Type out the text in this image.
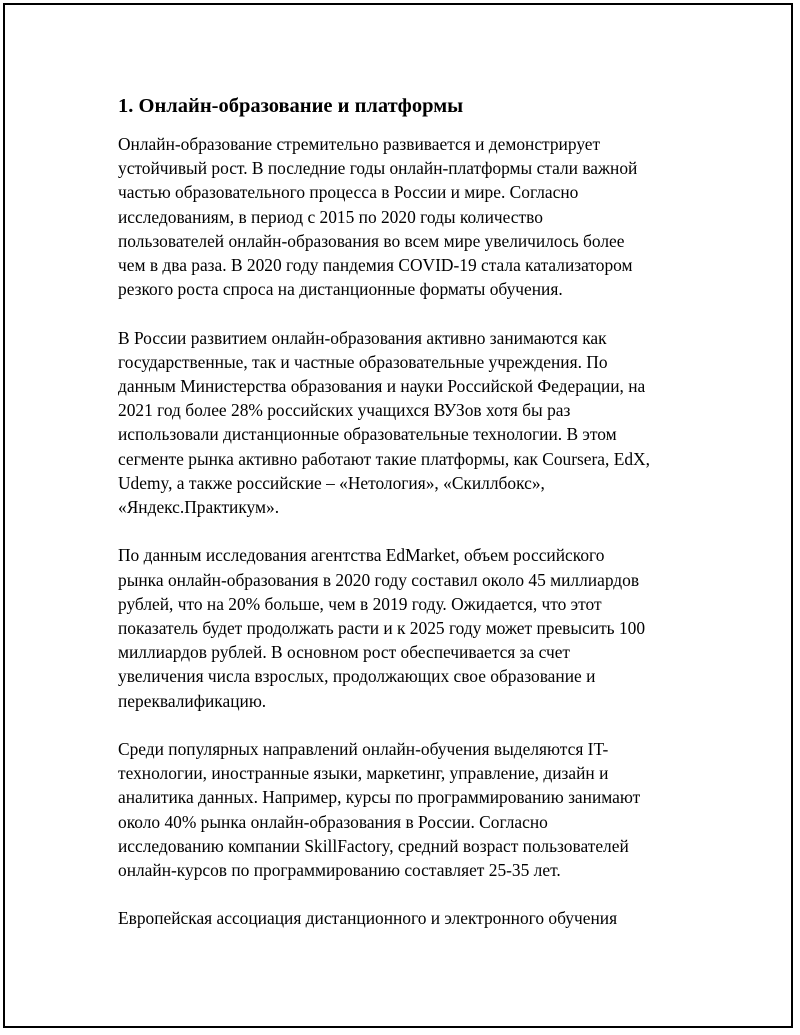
1. Онлайн-образование и платформы
Онлайн-образование стремительно развивается и демонстрирует
устойчивый рост. В последние годы онлайн-платформы стали важной
частью образовательного процесса в России и мире. Согласно
исследованиям, в период с 2015 по 2020 годы количество
пользователей онлайн-образования во всем мире увеличилось более
чем в два раза. В 2020 году пандемия COVID-19 стала катализатором
резкого роста спроса на дистанционные форматы обучения.
В России развитием онлайн-образования активно занимаются как
государственные, так и частные образовательные учреждения. По
данным Министерства образования и науки Российской Федерации, на
2021 год более 28% российских учащихся ВУЗов хотя бы раз
использовали дистанционные образовательные технологии. В этом
сегменте рынка активно работают такие платформы, как Coursera, EdX,
Udemy, а также российские – «Нетология», «Скиллбокс»,
«Яндекс.Практикум».
По данным исследования агентства EdMarket, объем российского
рынка онлайн-образования в 2020 году составил около 45 миллиардов
рублей, что на 20% больше, чем в 2019 году. Ожидается, что этот
показатель будет продолжать расти и к 2025 году может превысить 100
миллиардов рублей. В основном рост обеспечивается за счет
увеличения числа взрослых, продолжающих свое образование и
переквалификацию.
Среди популярных направлений онлайн-обучения выделяются IT-
технологии, иностранные языки, маркетинг, управление, дизайн и
аналитика данных. Например, курсы по программированию занимают
около 40% рынка онлайн-образования в России. Согласно
исследованию компании SkillFactory, средний возраст пользователей
онлайн-курсов по программированию составляет 25-35 лет.
Европейская ассоциация дистанционного и электронного обучения
